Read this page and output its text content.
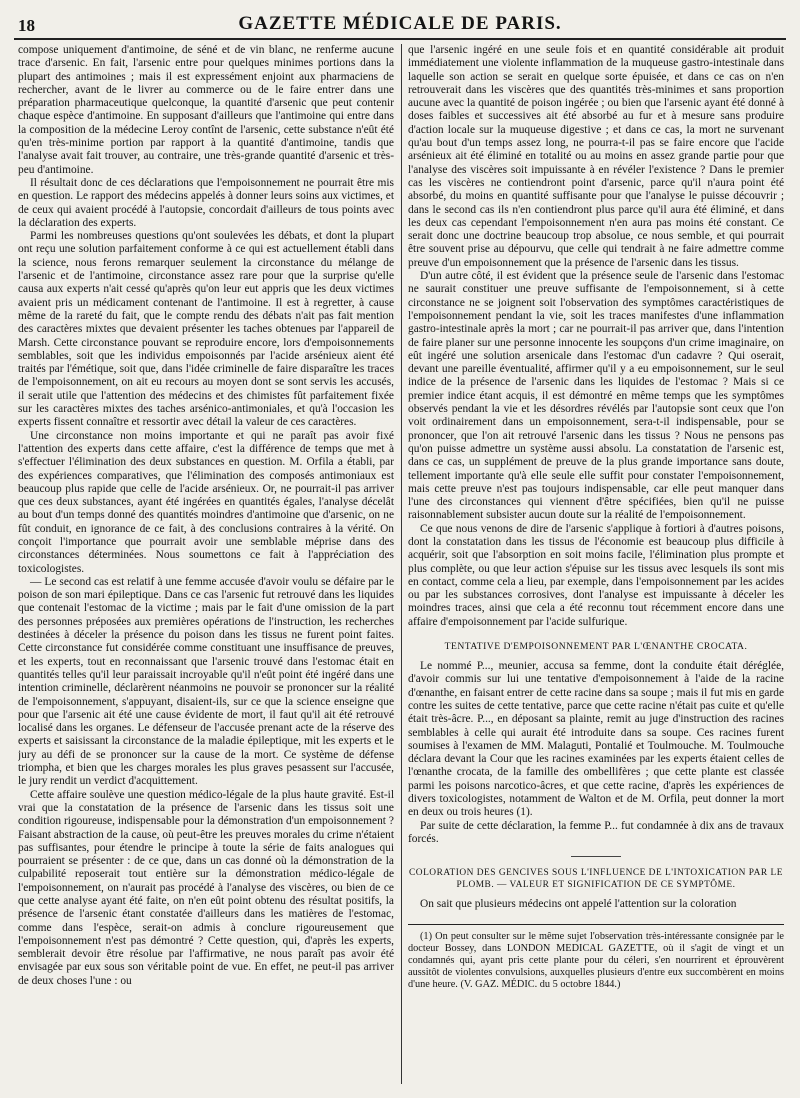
18	GAZETTE MÉDICALE DE PARIS.

compose uniquement d'antimoine, de séné et de vin blanc, ne renferme aucune trace d'arsenic. En fait, l'arsenic entre pour quelques minimes portions dans la plupart des antimoines ; mais il est expressément enjoint aux pharmaciens de rechercher, avant de le livrer au commerce ou de le faire entrer dans une préparation pharmaceutique quelconque, la quantité d'arsenic que peut contenir chaque espèce d'antimoine. En supposant d'ailleurs que l'antimoine qui entre dans la composition de la médecine Leroy contînt de l'arsenic, cette substance n'eût été qu'en très-minime portion par rapport à la quantité d'antimoine, tandis que l'analyse avait fait trouver, au contraire, une très-grande quantité d'arsenic et très-peu d'antimoine.

Il résultait donc de ces déclarations que l'empoisonnement ne pourrait être mis en question. Le rapport des médecins appelés à donner leurs soins aux victimes, et de ceux qui avaient procédé à l'autopsie, concordait d'ailleurs de tous points avec la déclaration des experts.

Parmi les nombreuses questions qu'ont soulevées les débats, et dont la plupart ont reçu une solution parfaitement conforme à ce qui est actuellement établi dans la science, nous ferons remarquer seulement la circonstance du mélange de l'arsenic et de l'antimoine, circonstance assez rare pour que la surprise qu'elle causa aux experts n'ait cessé qu'après qu'on leur eut appris que les deux victimes avaient pris un médicament contenant de l'antimoine. Il est à regretter, à cause même de la rareté du fait, que le compte rendu des débats n'ait pas fait mention des caractères mixtes que devaient présenter les taches obtenues par l'appareil de Marsh. Cette circonstance pouvant se reproduire encore, lors d'empoisonnements semblables, soit que les individus empoisonnés par l'acide arsénieux aient été traités par l'émétique, soit que, dans l'idée criminelle de faire disparaître les traces de l'empoisonnement, on ait eu recours au moyen dont se sont servis les accusés, il serait utile que l'attention des médecins et des chimistes fût parfaitement fixée sur les caractères mixtes des taches arsénico-antimoniales, et qu'à l'occasion les experts fissent connaître et ressortir avec détail la valeur de ces caractères.

Une circonstance non moins importante et qui ne paraît pas avoir fixé l'attention des experts dans cette affaire, c'est la différence de temps que met à s'effectuer l'élimination des deux substances en question. M. Orfila a établi, par des expériences comparatives, que l'élimination des composés antimoniaux est beaucoup plus rapide que celle de l'acide arsénieux. Or, ne pourrait-il pas arriver que ces deux substances, ayant été ingérées en quantités égales, l'analyse décelât au bout d'un temps donné des quantités moindres d'antimoine que d'arsenic, on ne fût conduit, en ignorance de ce fait, à des conclusions contraires à la vérité. On conçoit l'importance que pourrait avoir une semblable méprise dans des circonstances déterminées. Nous soumettons ce fait à l'appréciation des toxicologistes.

— Le second cas est relatif à une femme accusée d'avoir voulu se défaire par le poison de son mari épileptique. Dans ce cas l'arsenic fut retrouvé dans les liquides que contenait l'estomac de la victime ; mais par le fait d'une omission de la part des personnes préposées aux premières opérations de l'instruction, les recherches destinées à déceler la présence du poison dans les tissus ne furent point faites. Cette circonstance fut considérée comme constituant une insuffisance de preuves, et les experts, tout en reconnaissant que l'arsenic trouvé dans l'estomac était en quantités telles qu'il leur paraissait incroyable qu'il n'eût point été ingéré dans une intention criminelle, déclarèrent néanmoins ne pouvoir se prononcer sur la réalité de l'empoisonnement, s'appuyant, disaient-ils, sur ce que la science enseigne que pour que l'arsenic ait été une cause évidente de mort, il faut qu'il ait été retrouvé localisé dans les organes. Le défenseur de l'accusée prenant acte de la réserve des experts et saisissant la circonstance de la maladie épileptique, mit les experts et le jury au défi de se prononcer sur la cause de la mort. Ce système de défense triompha, et bien que les charges morales les plus graves pesassent sur l'accusée, le jury rendit un verdict d'acquittement.

Cette affaire soulève une question médico-légale de la plus haute gravité. Est-il vrai que la constatation de la présence de l'arsenic dans les tissus soit une condition rigoureuse, indispensable pour la démonstration d'un empoisonnement ? Faisant abstraction de la cause, où peut-être les preuves morales du crime n'étaient pas suffisantes, pour étendre le principe à toute la série de faits analogues qui pourraient se présenter : de ce que, dans un cas donné où la démonstration de la culpabilité reposerait tout entière sur la démonstration médico-légale de l'empoisonnement, on n'aurait pas procédé à l'analyse des viscères, ou bien de ce que cette analyse ayant été faite, on n'en eût point obtenu des résultat positifs, la présence de l'arsenic étant constatée d'ailleurs dans les matières de l'estomac, comme dans l'espèce, serait-on admis à conclure rigoureusement que l'empoisonnement n'est pas démontré ? Cette question, qui, d'après les experts, semblerait devoir être résolue par l'affirmative, ne nous paraît pas avoir été envisagée par eux sous son véritable point de vue. En effet, ne peut-il pas arriver de deux choses l'une : ou

que l'arsenic ingéré en une seule fois et en quantité considérable ait produit immédiatement une violente inflammation de la muqueuse gastro-intestinale dans laquelle son action se serait en quelque sorte épuisée, et dans ce cas on n'en retrouverait dans les viscères que des quantités très-minimes et sans proportion aucune avec la quantité de poison ingérée ; ou bien que l'arsenic ayant été donné à doses faibles et successives ait été absorbé au fur et à mesure sans produire d'action locale sur la muqueuse digestive ; et dans ce cas, la mort ne survenant qu'au bout d'un temps assez long, ne pourra-t-il pas se faire encore que l'acide arsénieux ait été éliminé en totalité ou au moins en assez grande partie pour que l'analyse des viscères soit impuissante à en révéler l'existence ? Dans le premier cas les viscères ne contiendront point d'arsenic, parce qu'il n'aura point été absorbé, du moins en quantité suffisante pour que l'analyse le puisse découvrir ; dans le second cas ils n'en contiendront plus parce qu'il aura été éliminé, et dans les deux cas cependant l'empoisonnement n'en aura pas moins été constant. Ce serait donc une doctrine beaucoup trop absolue, ce nous semble, et qui pourrait être souvent prise au dépourvu, que celle qui tendrait à ne faire admettre comme preuve d'un empoisonnement que la présence de l'arsenic dans les tissus.

D'un autre côté, il est évident que la présence seule de l'arsenic dans l'estomac ne saurait constituer une preuve suffisante de l'empoisonnement, si à cette circonstance ne se joignent soit l'observation des symptômes caractéristiques de l'empoisonnement pendant la vie, soit les traces manifestes d'une inflammation gastro-intestinale après la mort ; car ne pourrait-il pas arriver que, dans l'intention de faire planer sur une personne innocente les soupçons d'un crime imaginaire, on eût ingéré une solution arsenicale dans l'estomac d'un cadavre ? Qui oserait, devant une pareille éventualité, affirmer qu'il y a eu empoisonnement, sur le seul indice de la présence de l'arsenic dans les liquides de l'estomac ? Mais si ce premier indice étant acquis, il est démontré en même temps que les symptômes observés pendant la vie et les désordres révélés par l'autopsie sont ceux que l'on voit ordinairement dans un empoisonnement, sera-t-il indispensable, pour se prononcer, que l'on ait retrouvé l'arsenic dans les tissus ? Nous ne pensons pas qu'on puisse admettre un système aussi absolu. La constatation de l'arsenic est, dans ce cas, un supplément de preuve de la plus grande importance sans doute, tellement importante qu'à elle seule elle suffit pour constater l'empoisonnement, mais cette preuve n'est pas toujours indispensable, car elle peut manquer dans l'une des circonstances qui viennent d'être spécifiées, bien qu'il ne puisse raisonnablement subsister aucun doute sur la réalité de l'empoisonnement.

Ce que nous venons de dire de l'arsenic s'applique à fortiori à d'autres poisons, dont la constatation dans les tissus de l'économie est beaucoup plus difficile à acquérir, soit que l'absorption en soit moins facile, l'élimination plus prompte et plus complète, ou que leur action s'épuise sur les tissus avec lesquels ils sont mis en contact, comme cela a lieu, par exemple, dans l'empoisonnement par les acides ou par les substances corrosives, dont l'analyse est impuissante à déceler les moindres traces, ainsi que cela a été reconnu tout récemment encore dans une affaire d'empoisonnement par l'acide sulfurique.

TENTATIVE D'EMPOISONNEMENT PAR L'ŒNANTHE CROCATA.

Le nommé P..., meunier, accusa sa femme, dont la conduite était déréglée, d'avoir commis sur lui une tentative d'empoisonnement à l'aide de la racine d'œnanthe, en faisant entrer de cette racine dans sa soupe ; mais il fut mis en garde contre les suites de cette tentative, parce que cette racine n'était pas cuite et qu'elle était très-âcre. P..., en déposant sa plainte, remit au juge d'instruction des racines semblables à celle qui aurait été introduite dans sa soupe. Ces racines furent soumises à l'examen de MM. Malaguti, Pontalié et Toulmouche. M. Toulmouche déclara devant la Cour que les racines examinées par les experts étaient celles de l'œnanthe crocata, de la famille des ombellifères ; que cette plante est classée parmi les poisons narcotico-âcres, et que cette racine, d'après les expériences de divers toxicologistes, notamment de Walton et de M. Orfila, peut donner la mort en deux ou trois heures (1).

Par suite de cette déclaration, la femme P... fut condamnée à dix ans de travaux forcés.

COLORATION DES GENCIVES SOUS L'INFLUENCE DE L'INTOXICATION PAR LE PLOMB. — VALEUR ET SIGNIFICATION DE CE SYMPTÔME.

On sait que plusieurs médecins ont appelé l'attention sur la coloration

(1) On peut consulter sur le même sujet l'observation très-intéressante consignée par le docteur Bossey, dans LONDON MEDICAL GAZETTE, où il s'agit de vingt et un condamnés qui, ayant pris cette plante pour du céleri, s'en nourrirent et éprouvèrent aussitôt de violentes convulsions, auxquelles plusieurs d'entre eux succombèrent en moins d'une heure. (V. GAZ. MÉDIC. du 5 octobre 1844.)
